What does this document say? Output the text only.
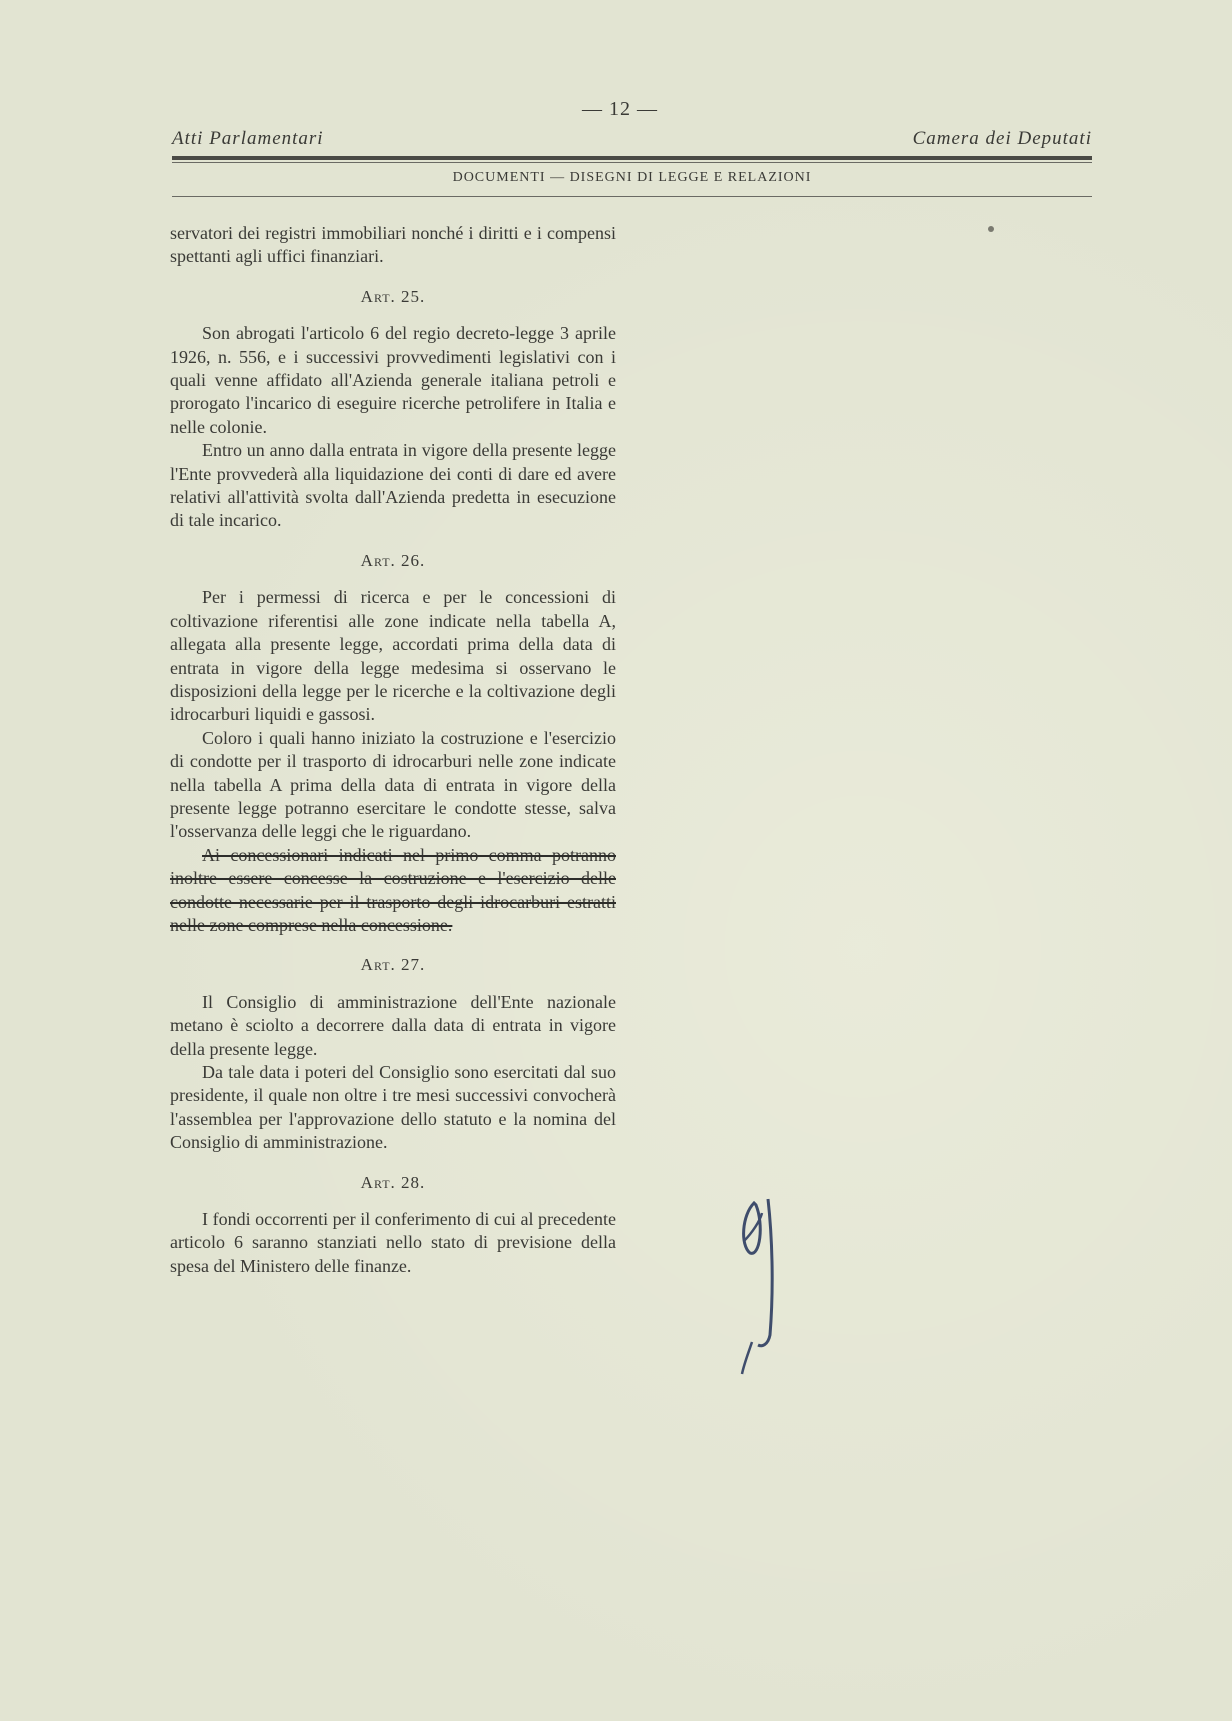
— 12 —
Atti Parlamentari	Camera dei Deputati
DOCUMENTI — DISEGNI DI LEGGE E RELAZIONI

servatori dei registri immobiliari nonché i diritti e i compensi spettanti agli uffici finanziari.

Art. 25.

Son abrogati l'articolo 6 del regio decreto-legge 3 aprile 1926, n. 556, e i successivi provvedimenti legislativi con i quali venne affidato all'Azienda generale italiana petroli e prorogato l'incarico di eseguire ricerche petrolifere in Italia e nelle colonie.

Entro un anno dalla entrata in vigore della presente legge l'Ente provvederà alla liquidazione dei conti di dare ed avere relativi all'attività svolta dall'Azienda predetta in esecuzione di tale incarico.

Art. 26.

Per i permessi di ricerca e per le concessioni di coltivazione riferentisi alle zone indicate nella tabella A, allegata alla presente legge, accordati prima della data di entrata in vigore della legge medesima si osservano le disposizioni della legge per le ricerche e la coltivazione degli idrocarburi liquidi e gassosi.

Coloro i quali hanno iniziato la costruzione e l'esercizio di condotte per il trasporto di idrocarburi nelle zone indicate nella tabella A prima della data di entrata in vigore della presente legge potranno esercitare le condotte stesse, salva l'osservanza delle leggi che le riguardano.

Ai concessionari indicati nel primo comma potranno inoltre essere concesse la costruzione e l'esercizio delle condotte necessarie per il trasporto degli idrocarburi estratti nelle zone comprese nella concessione.

Art. 27.

Il Consiglio di amministrazione dell'Ente nazionale metano è sciolto a decorrere dalla data di entrata in vigore della presente legge.

Da tale data i poteri del Consiglio sono esercitati dal suo presidente, il quale non oltre i tre mesi successivi convocherà l'assemblea per l'approvazione dello statuto e la nomina del Consiglio di amministrazione.

Art. 28.

I fondi occorrenti per il conferimento di cui al precedente articolo 6 saranno stanziati nello stato di previsione della spesa del Ministero delle finanze.
